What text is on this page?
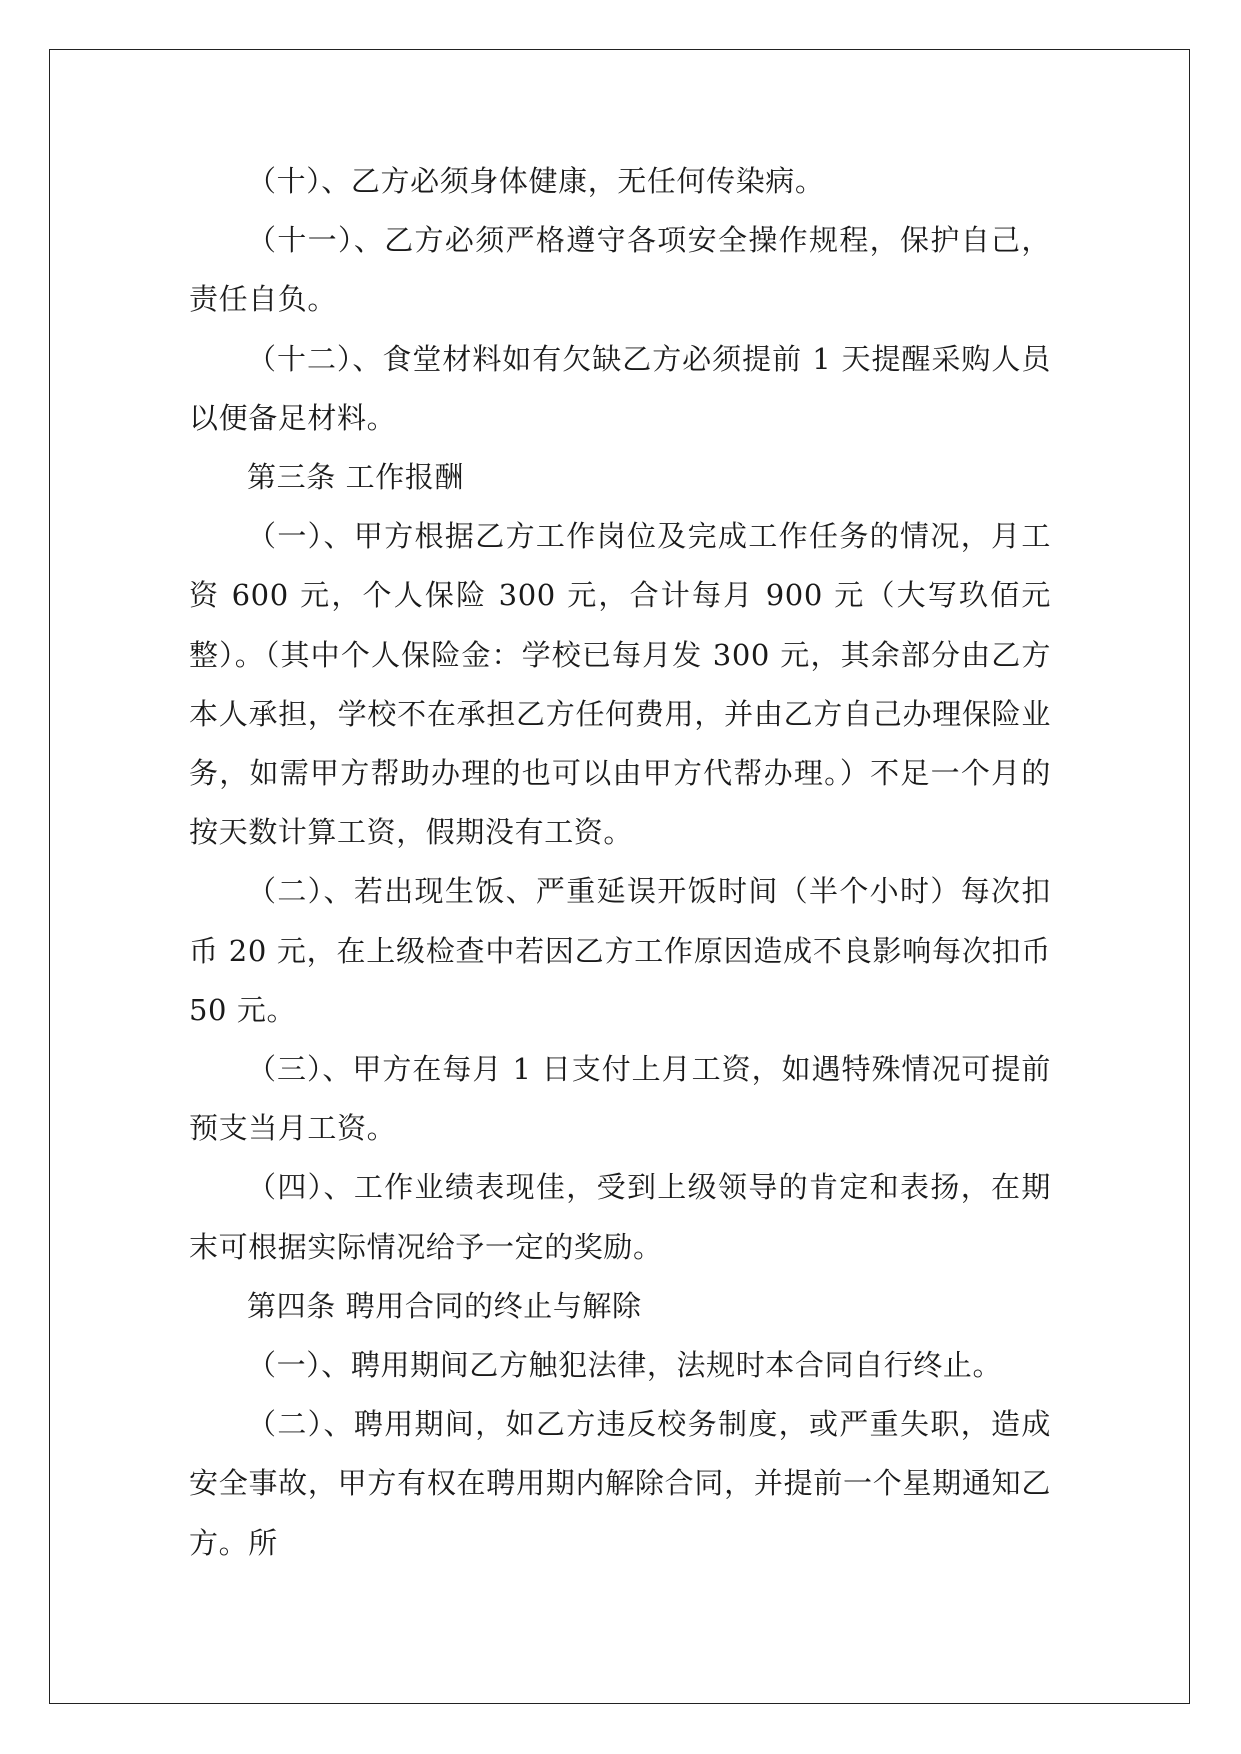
（十）、乙方必须身体健康，无任何传染病。

（十一）、乙方必须严格遵守各项安全操作规程，保护自己，责任自负。

（十二）、食堂材料如有欠缺乙方必须提前 1 天提醒采购人员以便备足材料。

第三条 工作报酬

（一）、甲方根据乙方工作岗位及完成工作任务的情况，月工资 600 元，个人保险 300 元，合计每月 900 元（大写玖佰元整）。（其中个人保险金：学校已每月发 300 元，其余部分由乙方本人承担，学校不在承担乙方任何费用，并由乙方自己办理保险业务，如需甲方帮助办理的也可以由甲方代帮办理。）不足一个月的按天数计算工资，假期没有工资。

（二）、若出现生饭、严重延误开饭时间（半个小时）每次扣币 20 元，在上级检查中若因乙方工作原因造成不良影响每次扣币 50 元。

（三）、甲方在每月 1 日支付上月工资，如遇特殊情况可提前预支当月工资。

（四）、工作业绩表现佳，受到上级领导的肯定和表扬，在期末可根据实际情况给予一定的奖励。

第四条 聘用合同的终止与解除

（一）、聘用期间乙方触犯法律，法规时本合同自行终止。

（二）、聘用期间，如乙方违反校务制度，或严重失职，造成安全事故，甲方有权在聘用期内解除合同，并提前一个星期通知乙方。所
